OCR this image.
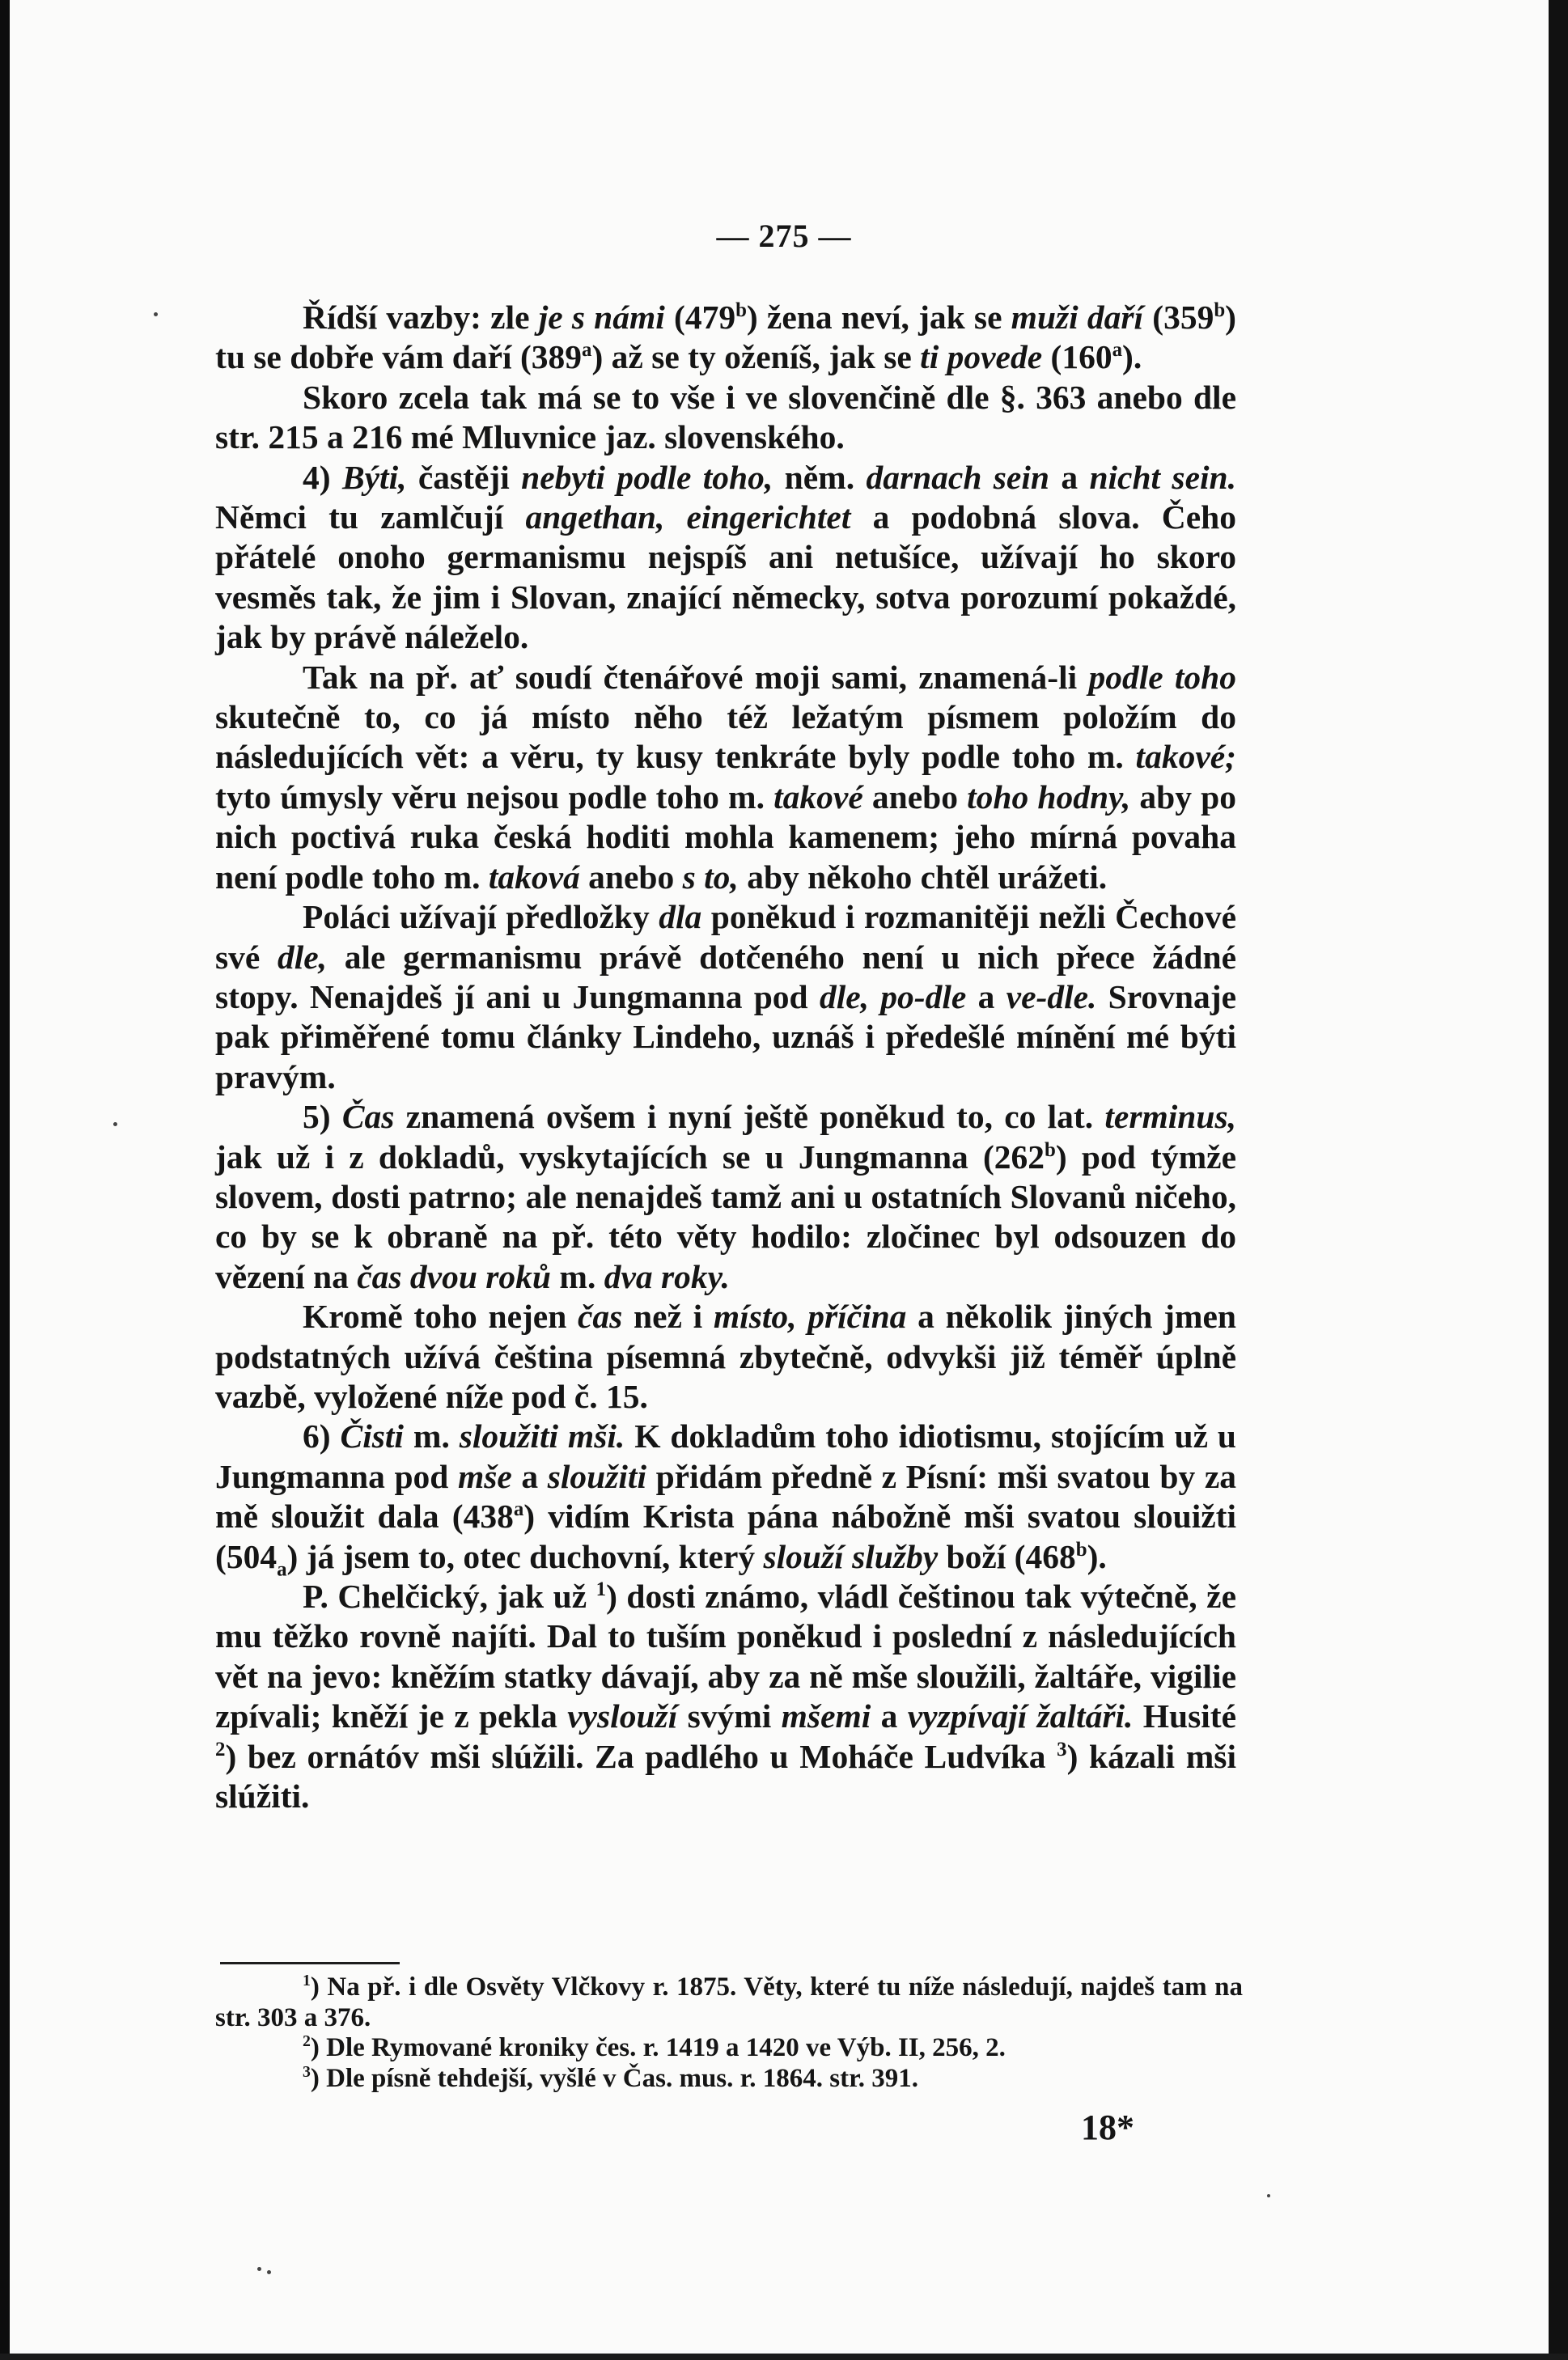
— 275 —

Řídší vazby: zle je s námi (479$^b$) žena neví, jak se muži daří (359$^b$) tu se dobře vám daří (389$^a$) až se ty oženíš, jak se ti povede (160$^a$).

Skoro zcela tak má se to vše i ve slovenčině dle §. 363 anebo dle str. 215 a 216 mé Mluvnice jaz. slovenského.

4) Býti, častěji nebyti podle toho, něm. darnach sein a nicht sein. Němci tu zamlčují angethan, eingerichtet a podobná slova. Čeho přátelé onoho germanismu nejspíš ani netušíce, užívají ho skoro vesměs tak, že jim i Slovan, znající německy, sotva porozumí pokaždé, jak by právě náleželo.

Tak na př. ať soudí čtenářové moji sami, znamená-li podle toho skutečně to, co já místo něho též ležatým písmem položím do následujících vět: a věru, ty kusy tenkráte byly podle toho m. takové; tyto úmysly věru nejsou podle toho m. takové anebo toho hodny, aby po nich poctivá ruka česká hoditi mohla kamenem; jeho mírná povaha není podle toho m. taková anebo s to, aby někoho chtěl urážeti.

Poláci užívají předložky dla poněkud i rozmanitěji nežli Čechové své dle, ale germanismu právě dotčeného není u nich přece žádné stopy. Nenajdeš jí ani u Jungmanna pod dle, po-dle a ve-dle. Srovnaje pak přiměřené tomu články Lindeho, uznáš i předešlé mínění mé býti pravým.

5) Čas znamená ovšem i nyní ještě poněkud to, co lat. terminus, jak už i z dokladů, vyskytajících se u Jungmanna (262$^b$) pod týmže slovem, dosti patrno; ale nenajdeš tamž ani u ostatních Slovanů ničeho, co by se k obraně na př. této věty hodilo: zločinec byl odsouzen do vězení na čas dvou roků m. dva roky.

Kromě toho nejen čas než i místo, příčina a několik jiných jmen podstatných užívá čeština písemná zbytečně, odvykši již téměř úplně vazbě, vyložené níže pod č. 15.

6) Čisti m. sloužiti mši. K dokladům toho idiotismu, stojícím už u Jungmanna pod mše a sloužiti přidám předně z Písní: mši svatou by za mě sloužit dala (438$^a$) vidím Krista pána nábožně mši svatou slouižti $(504_a)$ já jsem to, otec duchovní, který slouží služby boží (468$^b$).

P. Chelčický, jak už $^1$) dosti známo, vládl češtinou tak výtečně, že mu těžko rovně najíti. Dal to tuším poněkud i poslední z následujících vět na jevo: kněžím statky dávají, aby za ně mše sloužili, žaltáře, vigilie zpívali; kněží je z pekla vyslouží svými mšemi a vyzpívají žaltáři. Husité $^2$) bez ornátóv mši slúžili. Za padlého u Moháče Ludvíka $^3$) kázali mši slúžiti.

$^1$) Na př. i dle Osvěty Vlčkovy r. 1875. Věty, které tu níže následují, najdeš tam na str. 303 a 376.

$^2$) Dle Rymované kroniky čes. r. 1419 a 1420 ve Výb. II, 256, 2.

$^3$) Dle písně tehdejší, vyšlé v Čas. mus. r. 1864. str. 391.

18*
